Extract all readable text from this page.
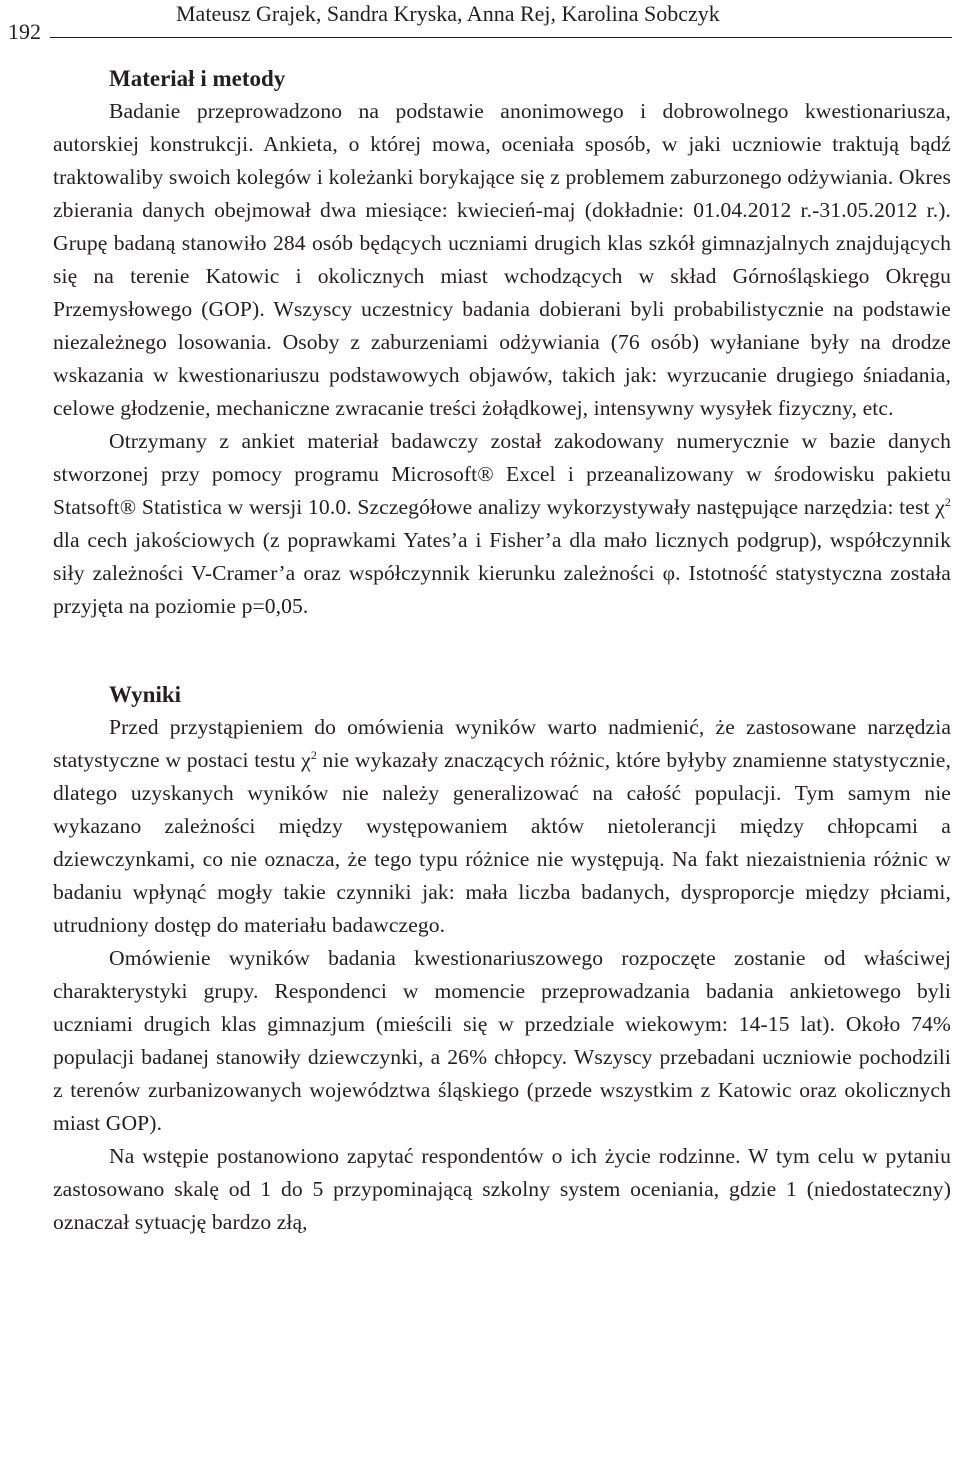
192
Mateusz Grajek, Sandra Kryska, Anna Rej, Karolina Sobczyk
Materiał i metody

Badanie przeprowadzono na podstawie anonimowego i dobrowolnego kwestionariusza, autorskiej konstrukcji. Ankieta, o której mowa, oceniała sposób, w jaki uczniowie traktują bądź traktowaliby swoich kolegów i koleżanki borykające się z problemem zaburzonego odżywiania. Okres zbierania danych obejmował dwa miesiące: kwiecień-maj (dokładnie: 01.04.2012 r.-31.05.2012 r.). Grupę badaną stanowiło 284 osób będących uczniami drugich klas szkół gimnazjalnych znajdujących się na terenie Katowic i okolicznych miast wchodzących w skład Górnośląskiego Okręgu Przemysłowego (GOP). Wszyscy uczestnicy badania dobierani byli probabilistycznie na podstawie niezależnego losowania. Osoby z zaburzeniami odżywiania (76 osób) wyłaniane były na drodze wskazania w kwestionariuszu podstawowych objawów, takich jak: wyrzucanie drugiego śniadania, celowe głodzenie, mechaniczne zwracanie treści żołądkowej, intensywny wysyłek fizyczny, etc.

Otrzymany z ankiet materiał badawczy został zakodowany numerycznie w bazie danych stworzonej przy pomocy programu Microsoft® Excel i przeanalizowany w środowisku pakietu Statsoft® Statistica w wersji 10.0. Szczegółowe analizy wykorzystywały następujące narzędzia: test $\chi^2$ dla cech jakościowych (z poprawkami Yates’a i Fisher’a dla mało licznych podgrup), współczynnik siły zależności V-Cramer’a oraz współczynnik kierunku zależności φ. Istotność statystyczna została przyjęta na poziomie p=0,05.

Wyniki

Przed przystąpieniem do omówienia wyników warto nadmienić, że zastosowane narzędzia statystyczne w postaci testu $\chi^2$ nie wykazały znaczących różnic, które byłyby znamienne statystycznie, dlatego uzyskanych wyników nie należy generalizować na całość populacji. Tym samym nie wykazano zależności między występowaniem aktów nietolerancji między chłopcami a dziewczynkami, co nie oznacza, że tego typu różnice nie występują. Na fakt niezaistnienia różnic w badaniu wpłynąć mogły takie czynniki jak: mała liczba badanych, dysproporcje między płciami, utrudniony dostęp do materiału badawczego.

Omówienie wyników badania kwestionariuszowego rozpoczęte zostanie od właściwej charakterystyki grupy. Respondenci w momencie przeprowadzania badania ankietowego byli uczniami drugich klas gimnazjum (mieścili się w przedziale wiekowym: 14-15 lat). Około 74% populacji badanej stanowiły dziewczynki, a 26% chłopcy. Wszyscy przebadani uczniowie pochodzili z terenów zurbanizowanych województwa śląskiego (przede wszystkim z Katowic oraz okolicznych miast GOP).

Na wstępie postanowiono zapytać respondentów o ich życie rodzinne. W tym celu w pytaniu zastosowano skalę od 1 do 5 przypominającą szkolny system oceniania, gdzie 1 (niedostateczny) oznaczał sytuację bardzo złą,
